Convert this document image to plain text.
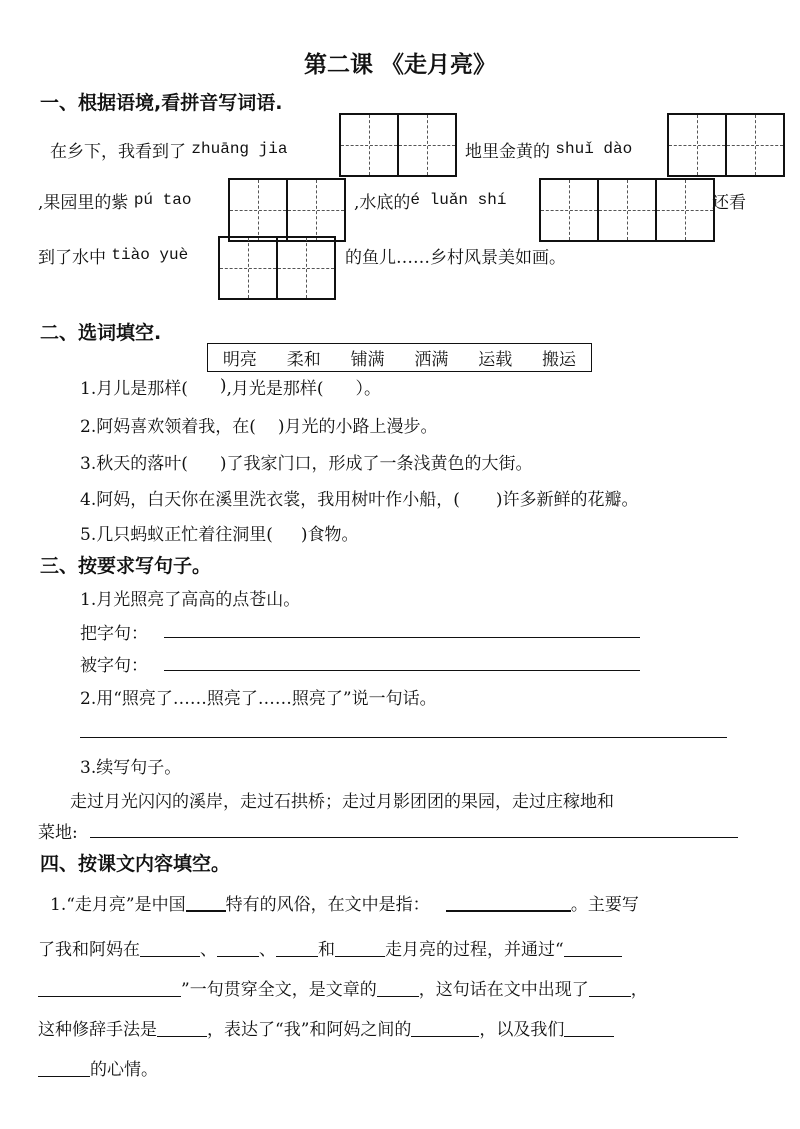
第二课 《走月亮》
一、根据语境,看拼音写词语.
在乡下，我看到了
zhuāng jia	地里金黄的
shuǐ dào
,果园里的紫
pú tao	,水底的 é luǎn shí	还看
到了水中
tiào yuè	的鱼儿……乡村风景美如画。
二、选词填空.
明亮 柔和 铺满 洒满 运载 搬运
1.月儿是那样( ) ,月光是那样( ）。
2.阿妈喜欢领着我，在( )月光的小路上漫步。
3.秋天的落叶( )了我家门口，形成了一条浅黄色的大街。
4.阿妈，白天你在溪里洗衣裳，我用树叶作小船，( )许多新鲜的花瓣。
5.几只蚂蚁正忙着往洞里( )食物。
三、按要求写句子。
1.月光照亮了高高的点苍山。
把字句：
被字句：
2.用“照亮了……照亮了……照亮了”说一句话。
3.续写句子。
走过月光闪闪的溪岸，走过石拱桥；走过月影团团的果园，走过庄稼地和
菜地:
四、按课文内容填空。
1.“走月亮”是中国 特有的风俗，在文中是指：
	。主要写
了我和阿妈在	、 、 和	走月亮的过程，并通过“
”一句贯穿全文，是文章的 ，这句话在文中出现了 ，
这种修辞手法是	，表达了“我”和阿妈之间的	，以及我们
的心情。
